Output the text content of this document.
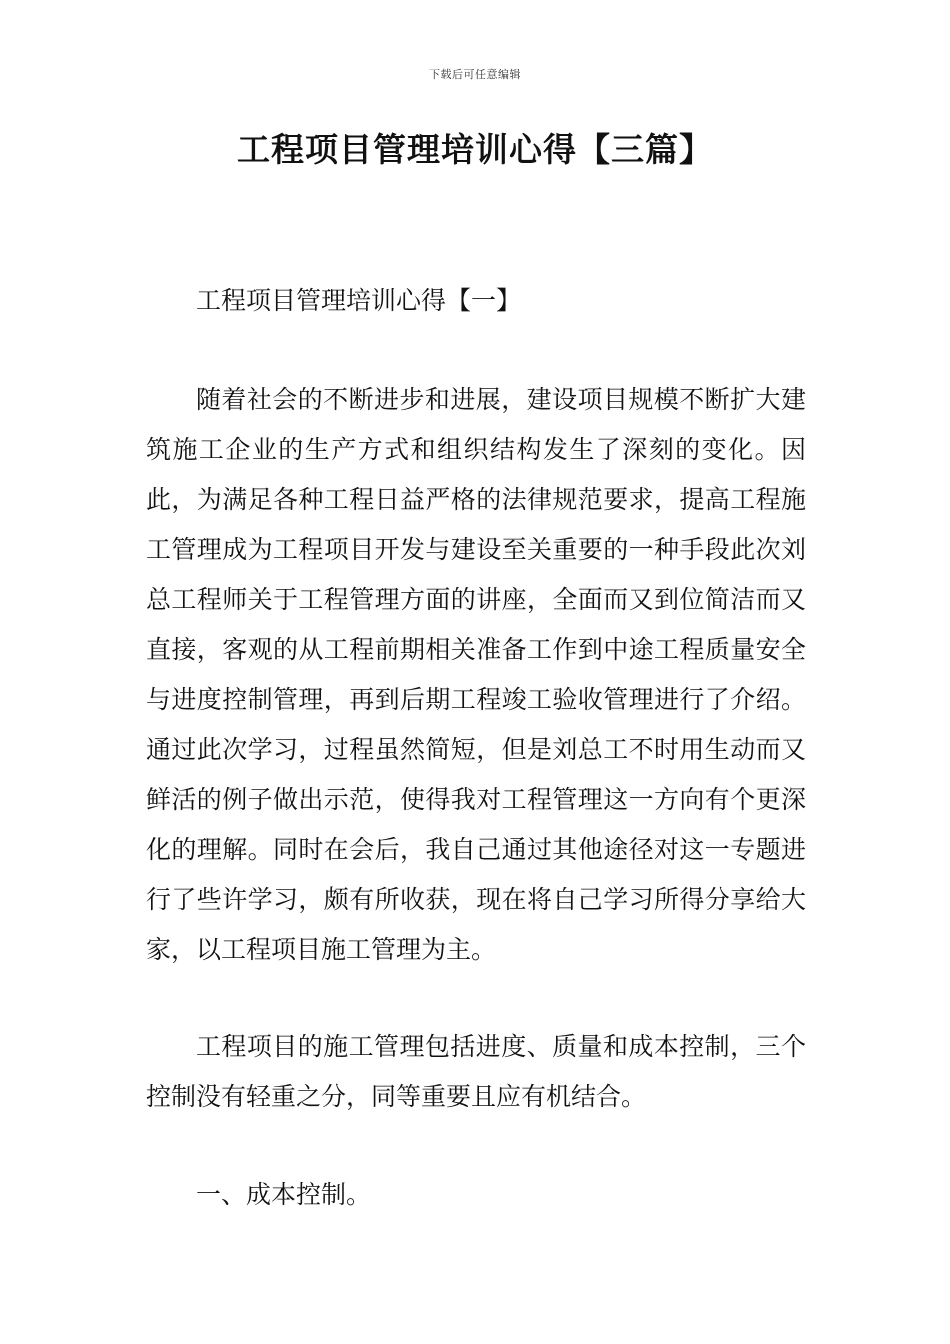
下载后可任意编辑
工程项目管理培训心得【三篇】

工程项目管理培训心得【一】

随着社会的不断进步和进展，建设项目规模不断扩大建筑施工企业的生产方式和组织结构发生了深刻的变化。因此，为满足各种工程日益严格的法律规范要求，提高工程施工管理成为工程项目开发与建设至关重要的一种手段此次刘总工程师关于工程管理方面的讲座，全面而又到位简洁而又直接，客观的从工程前期相关准备工作到中途工程质量安全与进度控制管理，再到后期工程竣工验收管理进行了介绍。通过此次学习，过程虽然简短，但是刘总工不时用生动而又鲜活的例子做出示范，使得我对工程管理这一方向有个更深化的理解。同时在会后，我自己通过其他途径对这一专题进行了些许学习，颇有所收获，现在将自己学习所得分享给大家，以工程项目施工管理为主。

工程项目的施工管理包括进度、质量和成本控制，三个控制没有轻重之分，同等重要且应有机结合。

一、成本控制。
